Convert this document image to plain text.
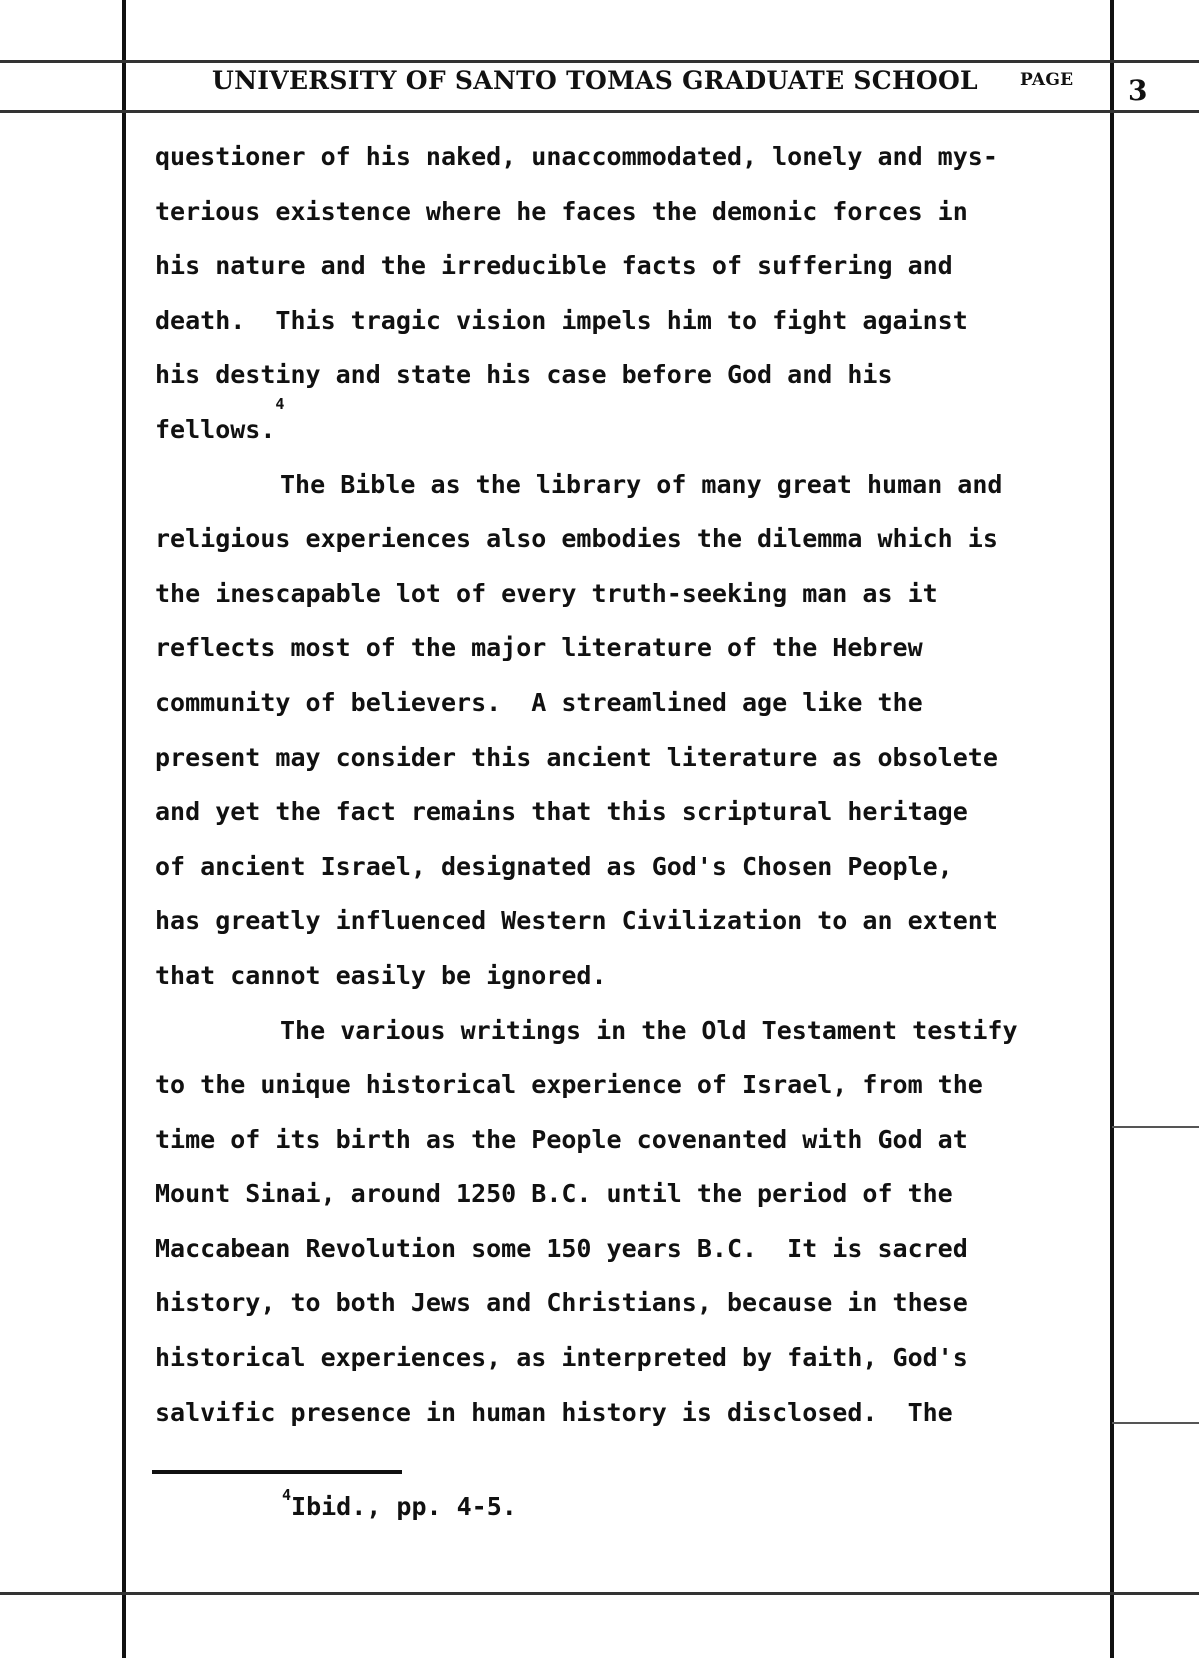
UNIVERSITY OF SANTO TOMAS GRADUATE SCHOOL PAGE 3
questioner of his naked, unaccommodated, lonely and mys-
terious existence where he faces the demonic forces in
his nature and the irreducible facts of suffering and
death.  This tragic vision impels him to fight against
his destiny and state his case before God and his
fellows.$^4$
The Bible as the library of many great human and
religious experiences also embodies the dilemma which is
the inescapable lot of every truth-seeking man as it
reflects most of the major literature of the Hebrew
community of believers.  A streamlined age like the
present may consider this ancient literature as obsolete
and yet the fact remains that this scriptural heritage
of ancient Israel, designated as God's Chosen People,
has greatly influenced Western Civilization to an extent
that cannot easily be ignored.
The various writings in the Old Testament testify
to the unique historical experience of Israel, from the
time of its birth as the People covenanted with God at
Mount Sinai, around 1250 B.C. until the period of the
Maccabean Revolution some 150 years B.C.  It is sacred
history, to both Jews and Christians, because in these
historical experiences, as interpreted by faith, God's
salvific presence in human history is disclosed.  The
$^4$Ibid., pp. 4-5.
